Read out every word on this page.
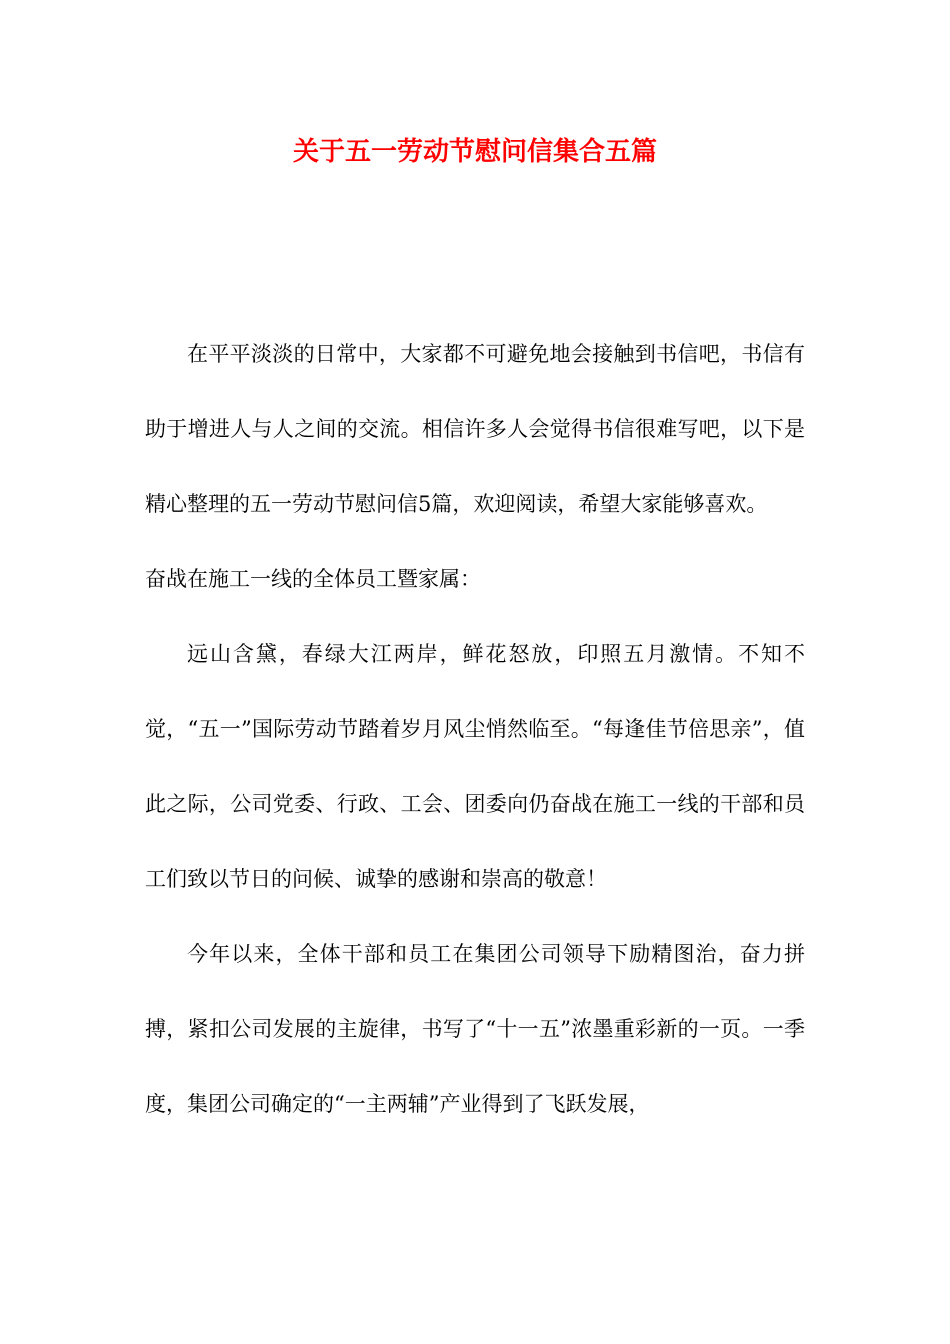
关于五一劳动节慰问信集合五篇

在平平淡淡的日常中，大家都不可避免地会接触到书信吧，书信有助于增进人与人之间的交流。相信许多人会觉得书信很难写吧，以下是精心整理的五一劳动节慰问信5篇，欢迎阅读，希望大家能够喜欢。

奋战在施工一线的全体员工暨家属：

远山含黛，春绿大江两岸，鲜花怒放，印照五月激情。不知不觉，“五一”国际劳动节踏着岁月风尘悄然临至。“每逢佳节倍思亲”，值此之际，公司党委、行政、工会、团委向仍奋战在施工一线的干部和员工们致以节日的问候、诚挚的感谢和崇高的敬意！

今年以来，全体干部和员工在集团公司领导下励精图治，奋力拼搏，紧扣公司发展的主旋律，书写了“十一五”浓墨重彩新的一页。一季度，集团公司确定的“一主两辅”产业得到了飞跃发展，
